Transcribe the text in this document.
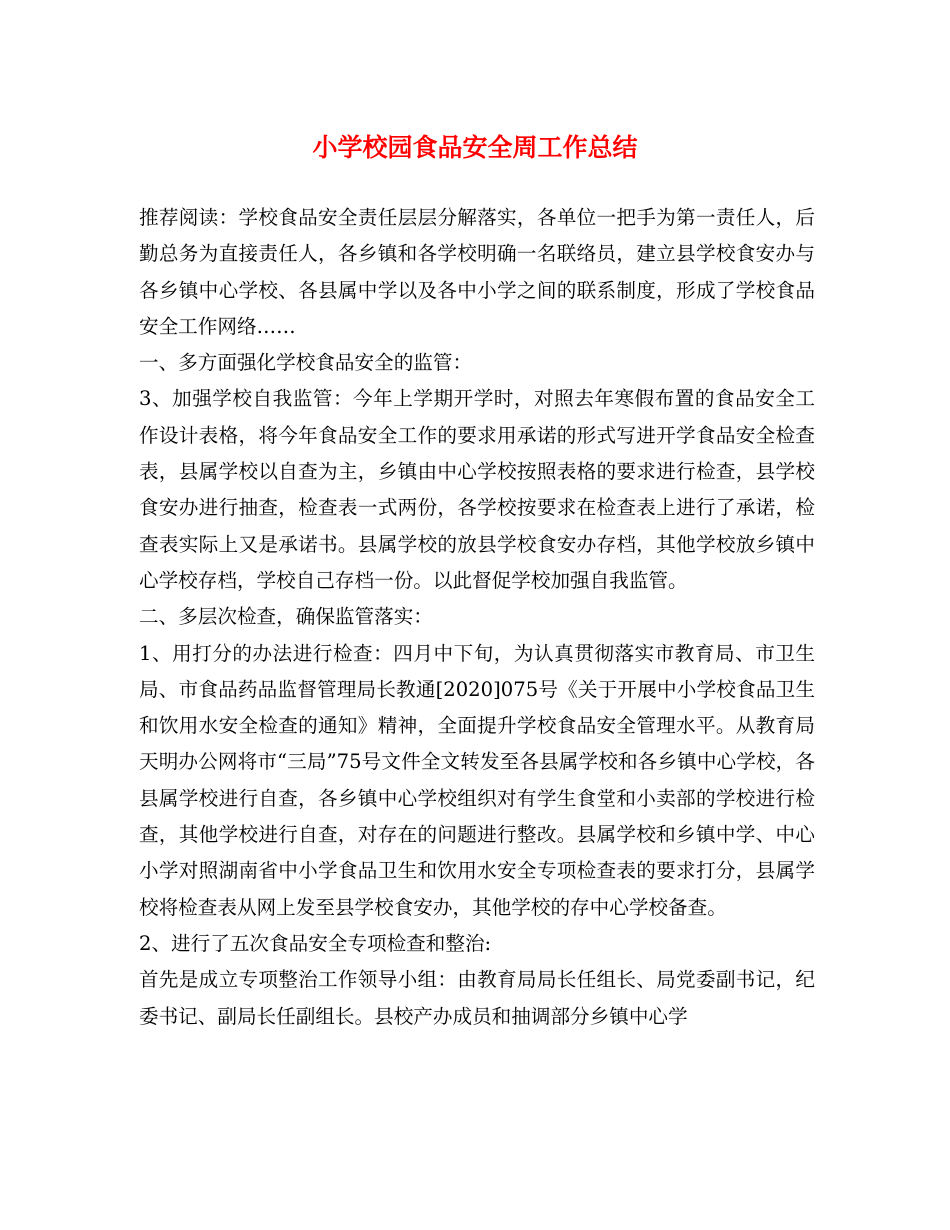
小学校园食品安全周工作总结

推荐阅读：学校食品安全责任层层分解落实，各单位一把手为第一责任人，后勤总务为直接责任人，各乡镇和各学校明确一名联络员，建立县学校食安办与各乡镇中心学校、各县属中学以及各中小学之间的联系制度，形成了学校食品安全工作网络……

一、多方面强化学校食品安全的监管：

3、加强学校自我监管：今年上学期开学时，对照去年寒假布置的食品安全工作设计表格，将今年食品安全工作的要求用承诺的形式写进开学食品安全检查表，县属学校以自查为主，乡镇由中心学校按照表格的要求进行检查，县学校食安办进行抽查，检查表一式两份，各学校按要求在检查表上进行了承诺，检查表实际上又是承诺书。县属学校的放县学校食安办存档，其他学校放乡镇中心学校存档，学校自己存档一份。以此督促学校加强自我监管。

二、多层次检查，确保监管落实：

1、用打分的办法进行检查：四月中下旬，为认真贯彻落实市教育局、市卫生局、市食品药品监督管理局长教通[2020]075号《关于开展中小学校食品卫生和饮用水安全检查的通知》精神，全面提升学校食品安全管理水平。从教育局天明办公网将市“三局”75号文件全文转发至各县属学校和各乡镇中心学校，各县属学校进行自查，各乡镇中心学校组织对有学生食堂和小卖部的学校进行检查，其他学校进行自查，对存在的问题进行整改。县属学校和乡镇中学、中心小学对照湖南省中小学食品卫生和饮用水安全专项检查表的要求打分，县属学校将检查表从网上发至县学校食安办，其他学校的存中心学校备查。

2、进行了五次食品安全专项检查和整治:

首先是成立专项整治工作领导小组：由教育局局长任组长、局党委副书记，纪委书记、副局长任副组长。县校产办成员和抽调部分乡镇中心学
